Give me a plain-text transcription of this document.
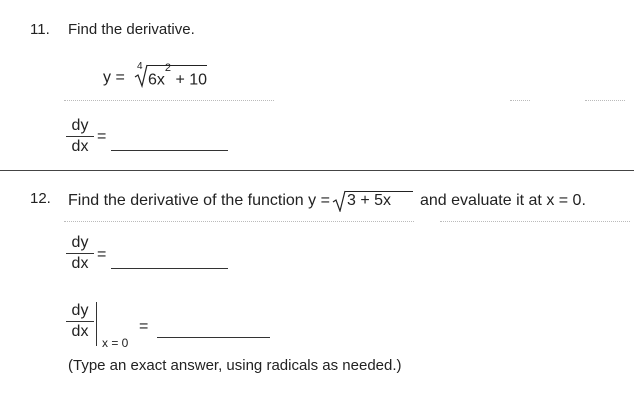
11. Find the derivative.
y =
4
$6x^2 + 10$
dy
dx
=
12. Find the derivative of the function y = 3 + 5x and evaluate it at x = 0.
dy
dx
=
dy
dx
x = 0
=
(Type an exact answer, using radicals as needed.)
